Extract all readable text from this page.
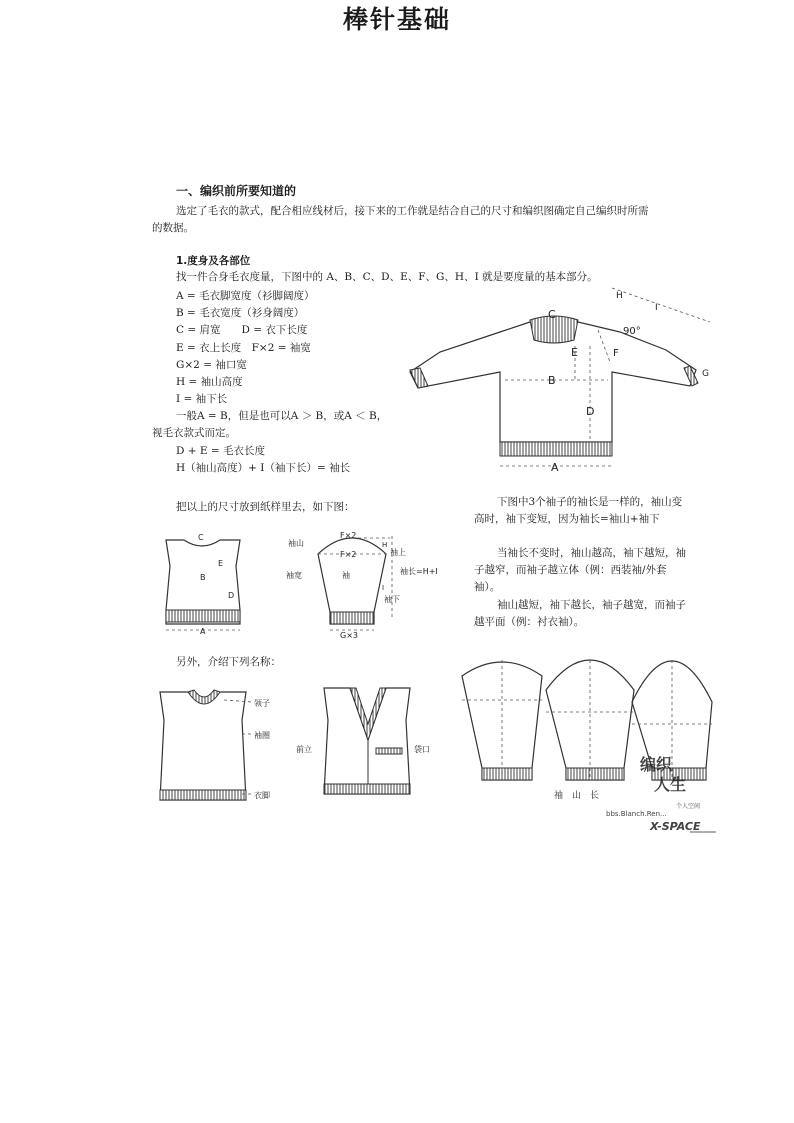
棒针基础
一、编织前所要知道的
选定了毛衣的款式，配合相应线材后，接下来的工作就是结合自己的尺寸和编织图确定自己编织时所需
的数据。
1.度身及各部位
找一件合身毛衣度量，下图中的 A、B、C、D、E、F、G、H、I 就是要度量的基本部分。
A = 毛衣脚宽度（衫脚阔度）
B = 毛衣宽度（衫身阔度）
C = 肩宽　　D = 衣下长度
E = 衣上长度　F×2 = 袖宽
G×2 = 袖口宽
H = 袖山高度
I = 袖下长
一般A = B，但是也可以A ＞ B，或A ＜ B，
视毛衣款式而定。
D + E = 毛衣长度
H（袖山高度）+ I（袖下长）= 袖长
把以上的尺寸放到纸样里去，如下图：	下图中3个袖子的袖长是一样的，袖山变
高时，袖下变短，因为袖长=袖山+袖下
当袖长不变时，袖山越高，袖下越短，袖
子越窄，而袖子越立体（例：西装袖/外套
袖）。
袖山越短，袖下越长，袖子越宽，而袖子
越平面（例：衬衣袖）。
另外，介绍下列名称：
C
E	F
90°
B
D
A
H
I
G
C
E
B
D
A
袖山
袖宽	袖
F×2
F×2
H
袖上
袖长=H+I
I
袖下
G×3
袖　山　长
领子
袖圈
衣脚
前立	袋口
编织
人生
bbs.Blanch.Ren...
个人空间
X-SPACE
